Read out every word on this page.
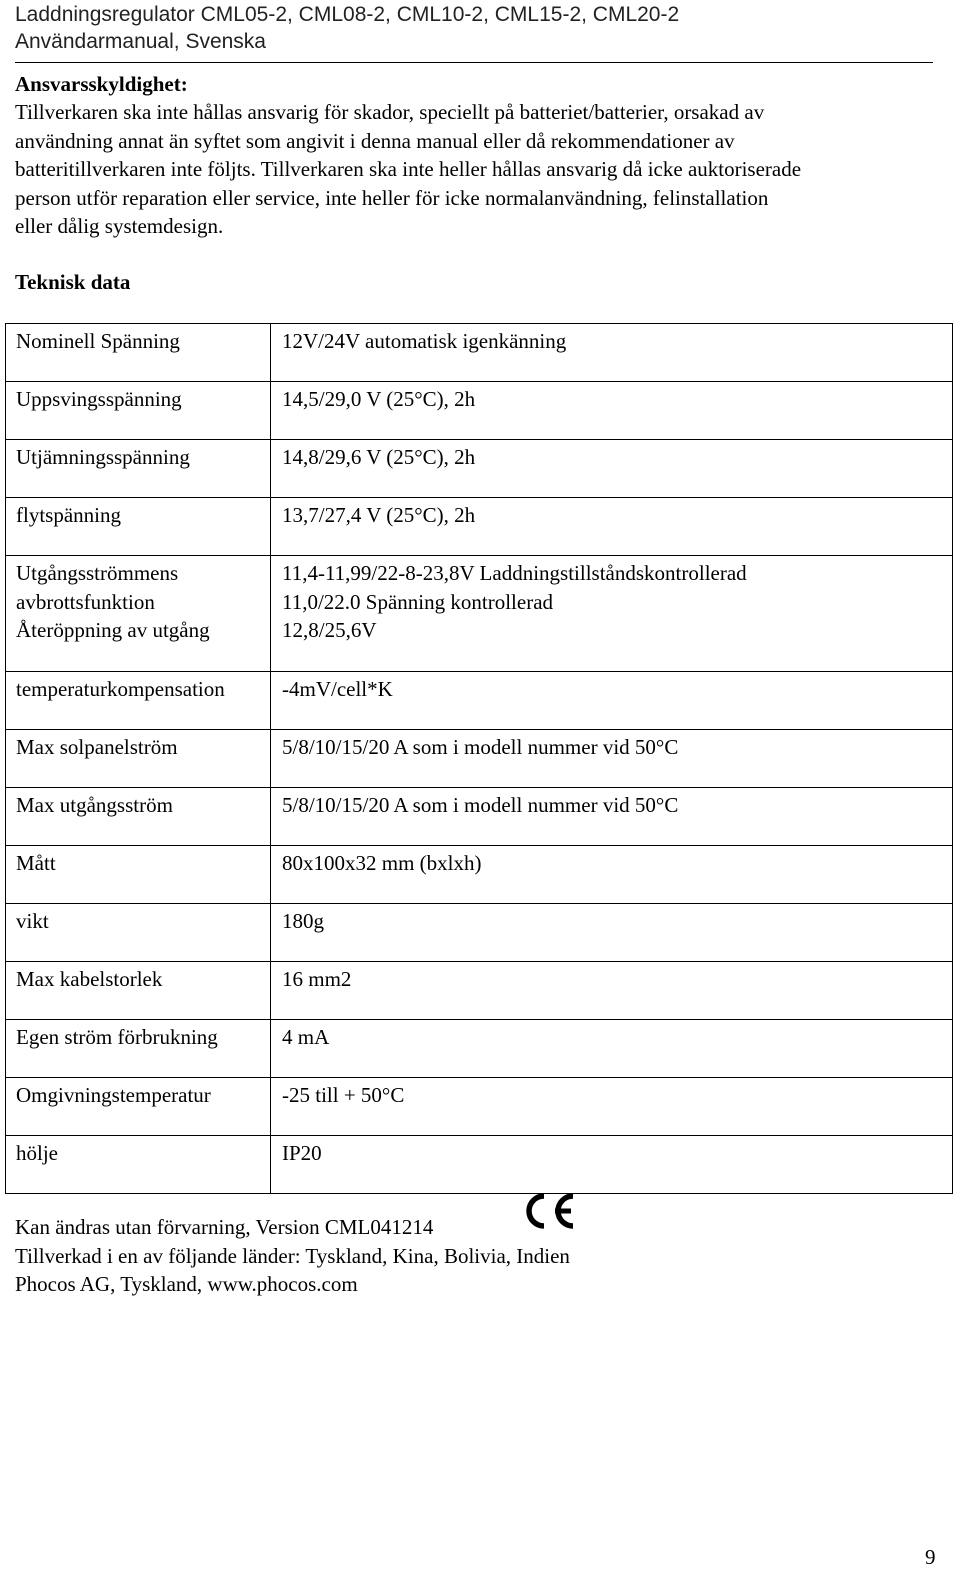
Laddningsregulator CML05-2, CML08-2, CML10-2, CML15-2, CML20-2
Användarmanual, Svenska
Ansvarsskyldighet:
Tillverkaren ska inte hållas ansvarig för skador, speciellt på batteriet/batterier, orsakad av
användning annat än syftet som angivit i denna manual eller då rekommendationer av
batteritillverkaren inte följts. Tillverkaren ska inte heller hållas ansvarig då icke auktoriserade
person utför reparation eller service, inte heller för icke normalanvändning, felinstallation
eller dålig systemdesign.
Teknisk data
Nominell Spänning	12V/24V automatisk igenkänning
Uppsvingsspänning	14,5/29,0 V (25°C), 2h
Utjämningsspänning	14,8/29,6 V (25°C), 2h
flytspänning	13,7/27,4 V (25°C), 2h

Utgångsströmmens
avbrottsfunktion
Återöppning av utgång	11,4-11,99/22-8-23,8V Laddningstillståndskontrollerad
11,0/22.0 Spänning kontrollerad
12,8/25,6V

temperaturkompensation	-4mV/cell*K
Max solpanelström	5/8/10/15/20 A som i modell nummer vid 50°C
Max utgångsström	5/8/10/15/20 A som i modell nummer vid 50°C
Mått	80x100x32 mm (bxlxh)
vikt	180g
Max kabelstorlek	16 mm2
Egen ström förbrukning	4 mA
Omgivningstemperatur	-25 till + 50°C
hölje	IP20
Kan ändras utan förvarning, Version CML041214
Tillverkad i en av följande länder: Tyskland, Kina, Bolivia, Indien
Phocos AG, Tyskland, www.phocos.com
9
